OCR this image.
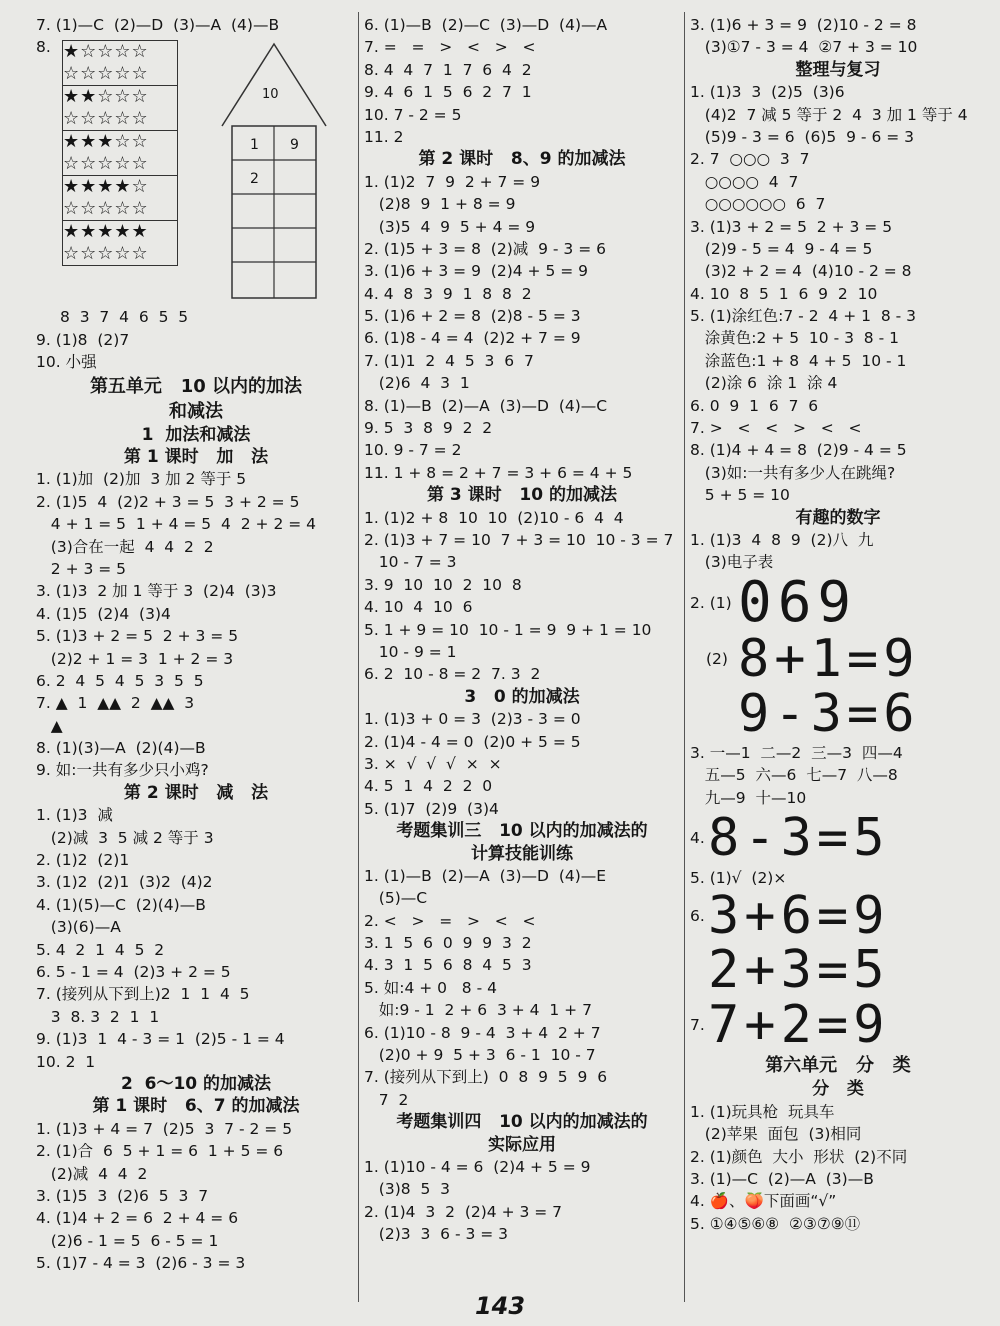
7. (1)—C  (2)—D  (3)—A  (4)—B
8. ★☆☆☆☆
☆☆☆☆☆
★★☆☆☆
☆☆☆☆☆
★★★☆☆
☆☆☆☆☆
★★★★☆
☆☆☆☆☆
★★★★★
☆☆☆☆☆
10
1 9
2
8  3  7  4  6  5  5
9. (1)8  (2)7
10. 小强
第五单元   10 以内的加法
和减法
1  加法和减法
第 1 课时   加   法
1. (1)加  (2)加  3 加 2 等于 5
2. (1)5  4  (2)2 + 3 = 5  3 + 2 = 5
4 + 1 = 5  1 + 4 = 5  4  2 + 2 = 4
(3)合在一起  4  4  2  2
2 + 3 = 5
3. (1)3  2 加 1 等于 3  (2)4  (3)3
4. (1)5  (2)4  (3)4
5. (1)3 + 2 = 5  2 + 3 = 5
(2)2 + 1 = 3  1 + 2 = 3
6. 2  4  5  4  5  3  5  5
7. ▲  1  ▲▲  2  ▲▲  3
▲
8. (1)(3)—A  (2)(4)—B
9. 如:一共有多少只小鸡?
第 2 课时   减   法
1. (1)3  减
(2)减  3  5 减 2 等于 3
2. (1)2  (2)1
3. (1)2  (2)1  (3)2  (4)2
4. (1)(5)—C  (2)(4)—B
(3)(6)—A
5. 4  2  1  4  5  2
6. 5 - 1 = 4  (2)3 + 2 = 5
7. (接列从下到上)2  1  1  4  5
3  8. 3  2  1  1
9. (1)3  1  4 - 3 = 1  (2)5 - 1 = 4
10. 2  1
2  6～10 的加减法
第 1 课时   6、7 的加减法
1. (1)3 + 4 = 7  (2)5  3  7 - 2 = 5
2. (1)合  6  5 + 1 = 6  1 + 5 = 6
(2)减  4  4  2
3. (1)5  3  (2)6  5  3  7
4. (1)4 + 2 = 6  2 + 4 = 6
(2)6 - 1 = 5  6 - 5 = 1
5. (1)7 - 4 = 3  (2)6 - 3 = 3
6. (1)—B  (2)—C  (3)—D  (4)—A
7. =   =   >   <   >   <
8. 4  4  7  1  7  6  4  2
9. 4  6  1  5  6  2  7  1
10. 7 - 2 = 5
11. 2
第 2 课时   8、9 的加减法
1. (1)2  7  9  2 + 7 = 9
(2)8  9  1 + 8 = 9
(3)5  4  9  5 + 4 = 9
2. (1)5 + 3 = 8  (2)减  9 - 3 = 6
3. (1)6 + 3 = 9  (2)4 + 5 = 9
4. 4  8  3  9  1  8  8  2
5. (1)6 + 2 = 8  (2)8 - 5 = 3
6. (1)8 - 4 = 4  (2)2 + 7 = 9
7. (1)1  2  4  5  3  6  7
(2)6  4  3  1
8. (1)—B  (2)—A  (3)—D  (4)—C
9. 5  3  8  9  2  2
10. 9 - 7 = 2
11. 1 + 8 = 2 + 7 = 3 + 6 = 4 + 5
第 3 课时   10 的加减法
1. (1)2 + 8  10  10  (2)10 - 6  4  4
2. (1)3 + 7 = 10  7 + 3 = 10  10 - 3 = 7
10 - 7 = 3
3. 9  10  10  2  10  8
4. 10  4  10  6
5. 1 + 9 = 10  10 - 1 = 9  9 + 1 = 10
10 - 9 = 1
6. 2  10 - 8 = 2  7. 3  2
3   0 的加减法
1. (1)3 + 0 = 3  (2)3 - 3 = 0
2. (1)4 - 4 = 0  (2)0 + 5 = 5
3. ×  √  √  √  ×  ×
4. 5  1  4  2  2  0
5. (1)7  (2)9  (3)4
考题集训三   10 以内的加减法的
计算技能训练
1. (1)—B  (2)—A  (3)—D  (4)—E
(5)—C
2. <   >   =   >   <   <
3. 1  5  6  0  9  9  3  2
4. 3  1  5  6  8  4  5  3
5. 如:4 + 0   8 - 4
如:9 - 1  2 + 6  3 + 4  1 + 7
6. (1)10 - 8  9 - 4  3 + 4  2 + 7
(2)0 + 9  5 + 3  6 - 1  10 - 7
7. (接列从下到上)  0  8  9  5  9  6
7  2
考题集训四   10 以内的加减法的
实际应用
1. (1)10 - 4 = 6  (2)4 + 5 = 9
(3)8  5  3
2. (1)4  3  2  (2)4 + 3 = 7
(2)3  3  6 - 3 = 3
3. (1)6 + 3 = 9  (2)10 - 2 = 8
(3)①7 - 3 = 4  ②7 + 3 = 10
整理与复习
1. (1)3  3  (2)5  (3)6
(4)2  7 减 5 等于 2  4  3 加 1 等于 4
(5)9 - 3 = 6  (6)5  9 - 6 = 3
2. 7  ○○○  3  7
○○○○  4  7
○○○○○○  6  7
3. (1)3 + 2 = 5  2 + 3 = 5
(2)9 - 5 = 4  9 - 4 = 5
(3)2 + 2 = 4  (4)10 - 2 = 8
4. 10  8  5  1  6  9  2  10
5. (1)涂红色:7 - 2  4 + 1  8 - 3
涂黄色:2 + 5  10 - 3  8 - 1
涂蓝色:1 + 8  4 + 5  10 - 1
(2)涂 6  涂 1  涂 4
6. 0  9  1  6  7  6
7. >   <   <   >   <   <
8. (1)4 + 4 = 8  (2)9 - 4 = 5
(3)如:一共有多少人在跳绳?
5 + 5 = 10
有趣的数字
1. (1)3  4  8  9  (2)八  九
(3)电子表
2. (1) 069
(2) 8+1=9
9-3=6
3. 一—1  二—2  三—3  四—4
五—5  六—6  七—7  八—8
九—9  十—10
4. 8-3=5
5. (1)√  (2)×
6. 3+6=9
2+3=5
7. 7+2=9
第六单元   分   类
分   类
1. (1)玩具枪  玩具车
(2)苹果  面包  (3)相同
2. (1)颜色  大小  形状  (2)不同
3. (1)—C  (2)—A  (3)—B
4. 🍎、🍑下面画“√”
5. ①④⑤⑥⑧  ②③⑦⑨⑪
143
